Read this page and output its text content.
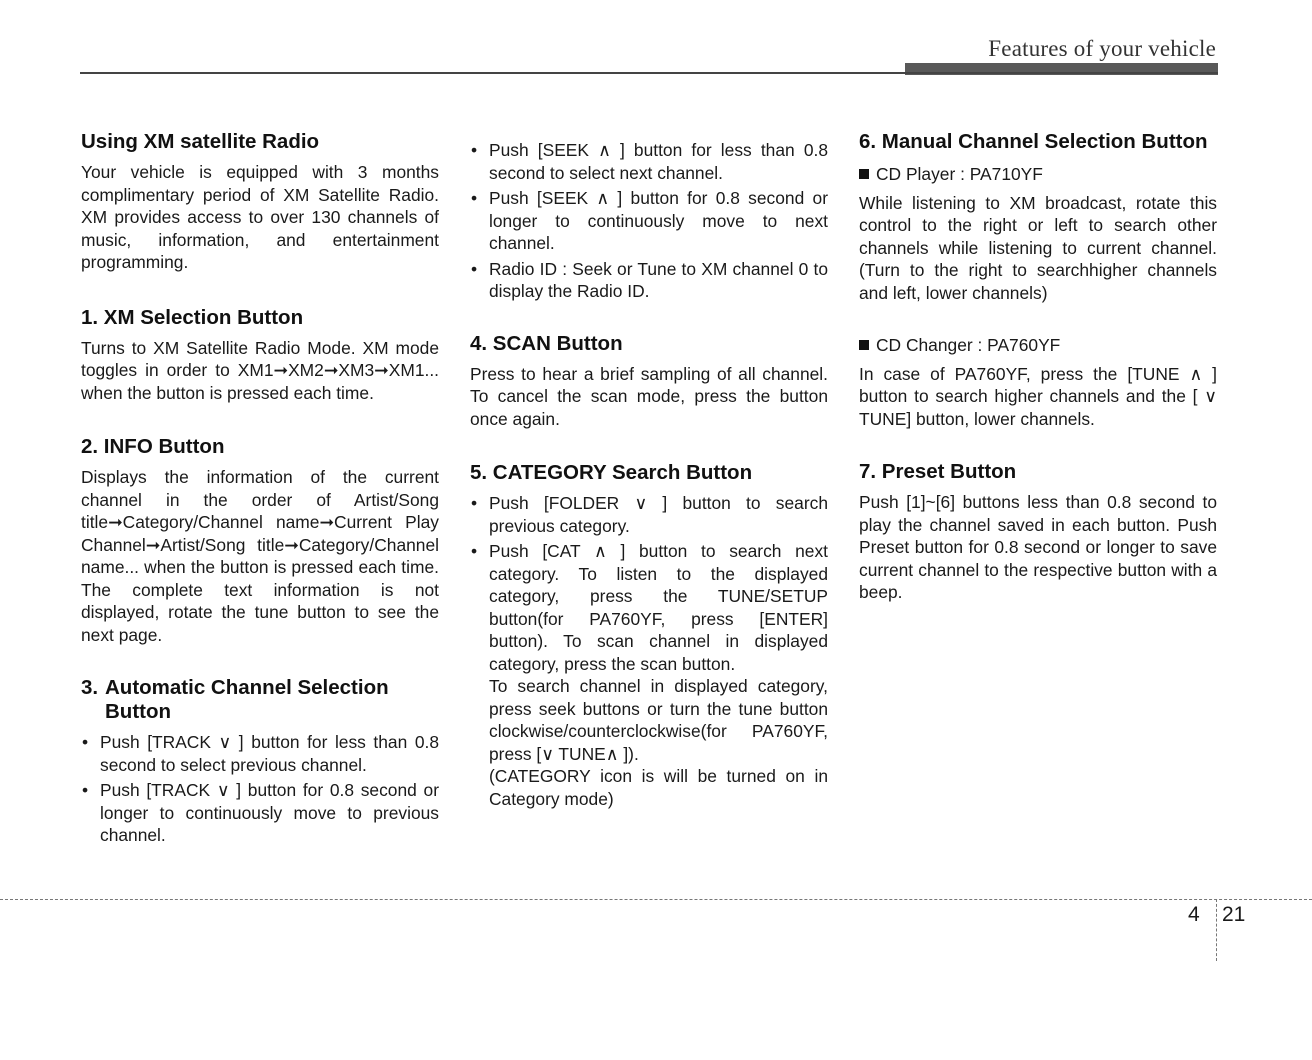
Features of your vehicle
Using XM satellite Radio

Your vehicle is equipped with 3 months complimentary period of XM Satellite Radio. XM provides access to over 130 channels of music, information, and entertainment programming.

1. XM Selection Button

Turns to XM Satellite Radio Mode. XM mode toggles in order to XM1➞XM2➞XM3➞XM1... when the button is pressed each time.

2. INFO Button

Displays the information of the current channel in the order of Artist/Song title➞Category/Channel name➞Current Play Channel➞Artist/Song title➞Category/Channel name... when the button is pressed each time. The complete text information is not displayed, rotate the tune button to see the next page.

3. Automatic Channel Selection Button
• Push [TRACK ∨ ] button for less than 0.8 second to select previous channel.
• Push [TRACK ∨ ] button for 0.8 second or longer to continuously move to previous channel.
• Push [SEEK ∧ ] button for less than 0.8 second to select next channel.
• Push [SEEK ∧ ] button for 0.8 second or longer to continuously move to next channel.
• Radio ID : Seek or Tune to XM channel 0 to display the Radio ID.
4. SCAN Button

Press to hear a brief sampling of all channel. To cancel the scan mode, press the button once again.

5. CATEGORY Search Button
• Push [FOLDER ∨ ] button to search previous category.
• Push [CAT ∧ ] button to search next category. To listen to the displayed category, press the TUNE/SETUP button(for PA760YF, press [ENTER] button). To scan channel in displayed category, press the scan button.
To search channel in displayed category, press seek buttons or turn the tune button clockwise/counterclockwise(for PA760YF, press [∨ TUNE∧ ]).
(CATEGORY icon is will be turned on in Category mode)
6. Manual Channel Selection Button
CD Player : PA710YF

While listening to XM broadcast, rotate this control to the right or left to search other channels while listening to current channel. (Turn to the right to searchhigher channels and left, lower channels)

CD Changer : PA760YF

In case of PA760YF, press the [TUNE ∧ ] button to search higher channels and the [ ∨ TUNE] button, lower channels.

7. Preset Button

Push [1]~[6] buttons less than 0.8 second to play the channel saved in each button. Push Preset button for 0.8 second or longer to save current channel to the respective button with a beep.

4 21
